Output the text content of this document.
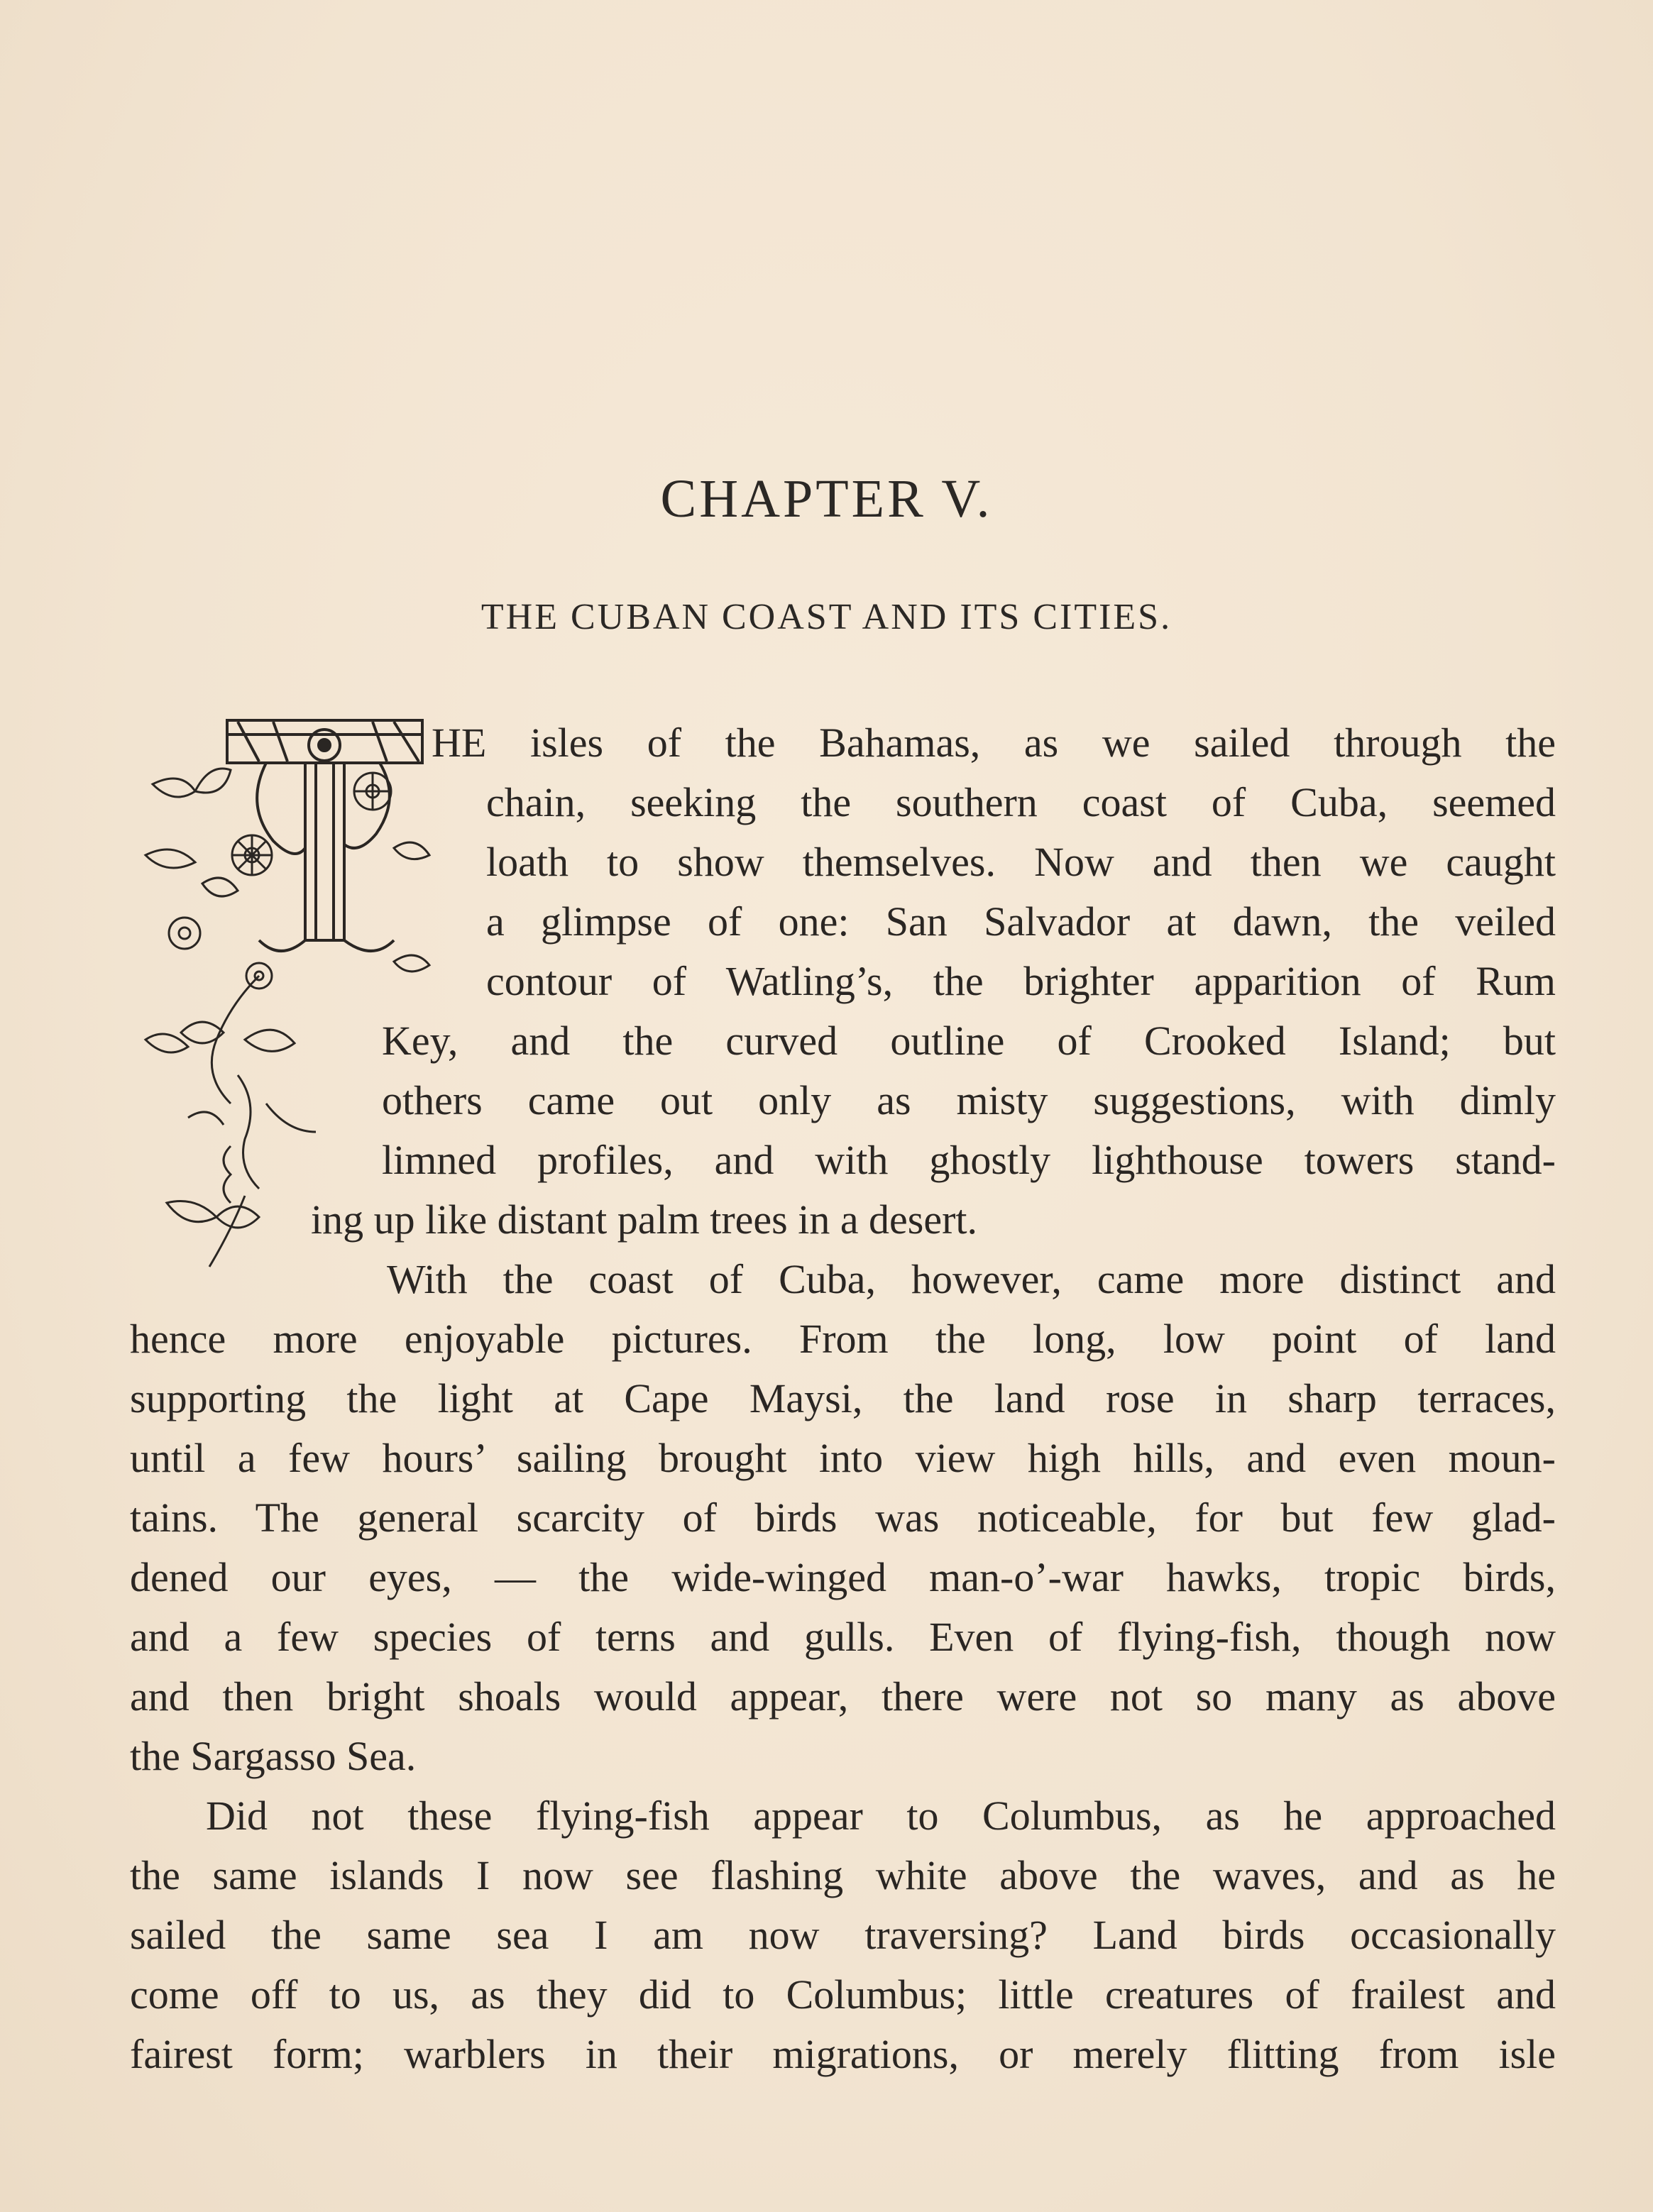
CHAPTER V.
THE CUBAN COAST AND ITS CITIES.
HE isles of the Bahamas, as we sailed through the
chain, seeking the southern coast of Cuba, seemed
loath to show themselves. Now and then we caught
a glimpse of one: San Salvador at dawn, the veiled
contour of Watling’s, the brighter apparition of Rum
Key, and the curved outline of Crooked Island; but
others came out only as misty suggestions, with dimly
limned profiles, and with ghostly lighthouse towers stand-
ing up like distant palm trees in a desert.
With the coast of Cuba, however, came more distinct and
hence more enjoyable pictures. From the long, low point of land
supporting the light at Cape Maysi, the land rose in sharp terraces,
until a few hours’ sailing brought into view high hills, and even moun-
tains. The general scarcity of birds was noticeable, for but few glad-
dened our eyes, — the wide-winged man-o’-war hawks, tropic birds,
and a few species of terns and gulls. Even of flying-fish, though now
and then bright shoals would appear, there were not so many as above
the Sargasso Sea.
Did not these flying-fish appear to Columbus, as he approached
the same islands I now see flashing white above the waves, and as he
sailed the same sea I am now traversing? Land birds occasionally
come off to us, as they did to Columbus; little creatures of frailest and
fairest form; warblers in their migrations, or merely flitting from isle
